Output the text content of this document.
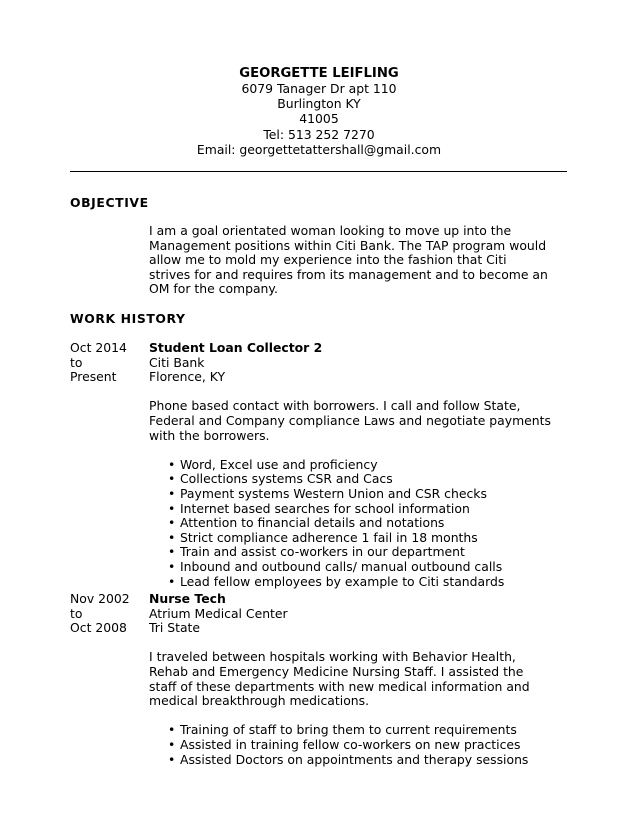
GEORGETTE LEIFLING
6079 Tanager Dr apt 110
Burlington KY
41005
Tel: 513 252 7270
Email: georgettetattershall@gmail.com
OBJECTIVE
I am a goal orientated woman looking to move up into the
Management positions within Citi Bank. The TAP program would
allow me to mold my experience into the fashion that Citi
strives for and requires from its management and to become an
OM for the company.
WORK HISTORY
Oct 2014
to
Present
Student Loan Collector 2
Citi Bank
Florence, KY
Phone based contact with borrowers. I call and follow State,
Federal and Company compliance Laws and negotiate payments
with the borrowers.
• Word, Excel use and proficiency
• Collections systems CSR and Cacs
• Payment systems Western Union and CSR checks
• Internet based searches for school information
• Attention to financial details and notations
• Strict compliance adherence 1 fail in 18 months
• Train and assist co-workers in our department
• Inbound and outbound calls/ manual outbound calls
• Lead fellow employees by example to Citi standards
Nov 2002
to
Oct 2008
Nurse Tech
Atrium Medical Center
Tri State
I traveled between hospitals working with Behavior Health,
Rehab and Emergency Medicine Nursing Staff. I assisted the
staff of these departments with new medical information and
medical breakthrough medications.
• Training of staff to bring them to current requirements
• Assisted in training fellow co-workers on new practices
• Assisted Doctors on appointments and therapy sessions
